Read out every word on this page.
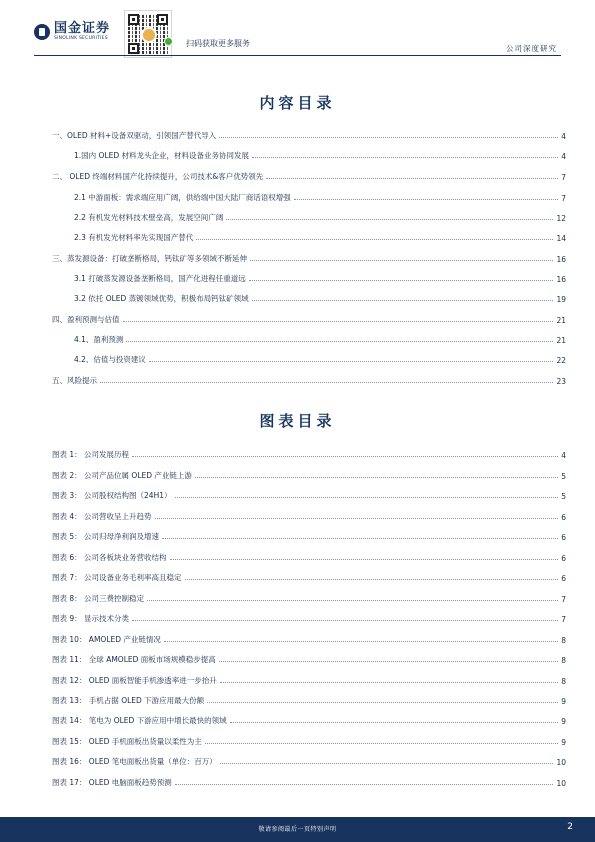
国金证券
SINOLINK SECURITIES
扫码获取更多服务
公司深度研究
内容目录
一、OLED 材料+设备双驱动，引领国产替代导入	4
1.国内 OLED 材料龙头企业，材料设备业务协同发展	4
二、 OLED 终端材料国产化持续提升，公司技术&客户优势领先	7
2.1 中游面板：需求端应用广阔，供给端中国大陆厂商话语权增强	7
2.2 有机发光材料技术壁垒高，发展空间广阔	12
2.3 有机发光材料率先实现国产替代	14
三、蒸发源设备：打破垄断格局，钙钛矿等多领域不断延伸	16
3.1 打破蒸发源设备垄断格局，国产化进程任重道远	16
3.2 依托 OLED 蒸镀领域优势，积极布局钙钛矿领域	19
四、盈利预测与估值	21
4.1、盈利预测	21
4.2、估值与投资建议	22
五、风险提示	23
图表目录
图表 1： 公司发展历程	4
图表 2： 公司产品位属 OLED 产业链上游	5
图表 3： 公司股权结构图（24H1）	5
图表 4： 公司营收呈上升趋势	6
图表 5： 公司归母净利润及增速	6
图表 6： 公司各板块业务营收结构	6
图表 7： 公司设备业务毛利率高且稳定	6
图表 8： 公司三费控制稳定	7
图表 9： 显示技术分类	7
图表 10： AMOLED 产业链情况	8
图表 11： 全球 AMOLED 面板市场规模稳步提高	8
图表 12： OLED 面板智能手机渗透率进一步抬升	8
图表 13： 手机占据 OLED 下游应用最大份额	9
图表 14： 笔电为 OLED 下游应用中增长最快的领域	9
图表 15： OLED 手机面板出货量以柔性为主	9
图表 16： OLED 笔电面板出货量（单位：百万）	10
图表 17： OLED 电脑面板趋势预测	10
敬请参阅最后一页特别声明	2
